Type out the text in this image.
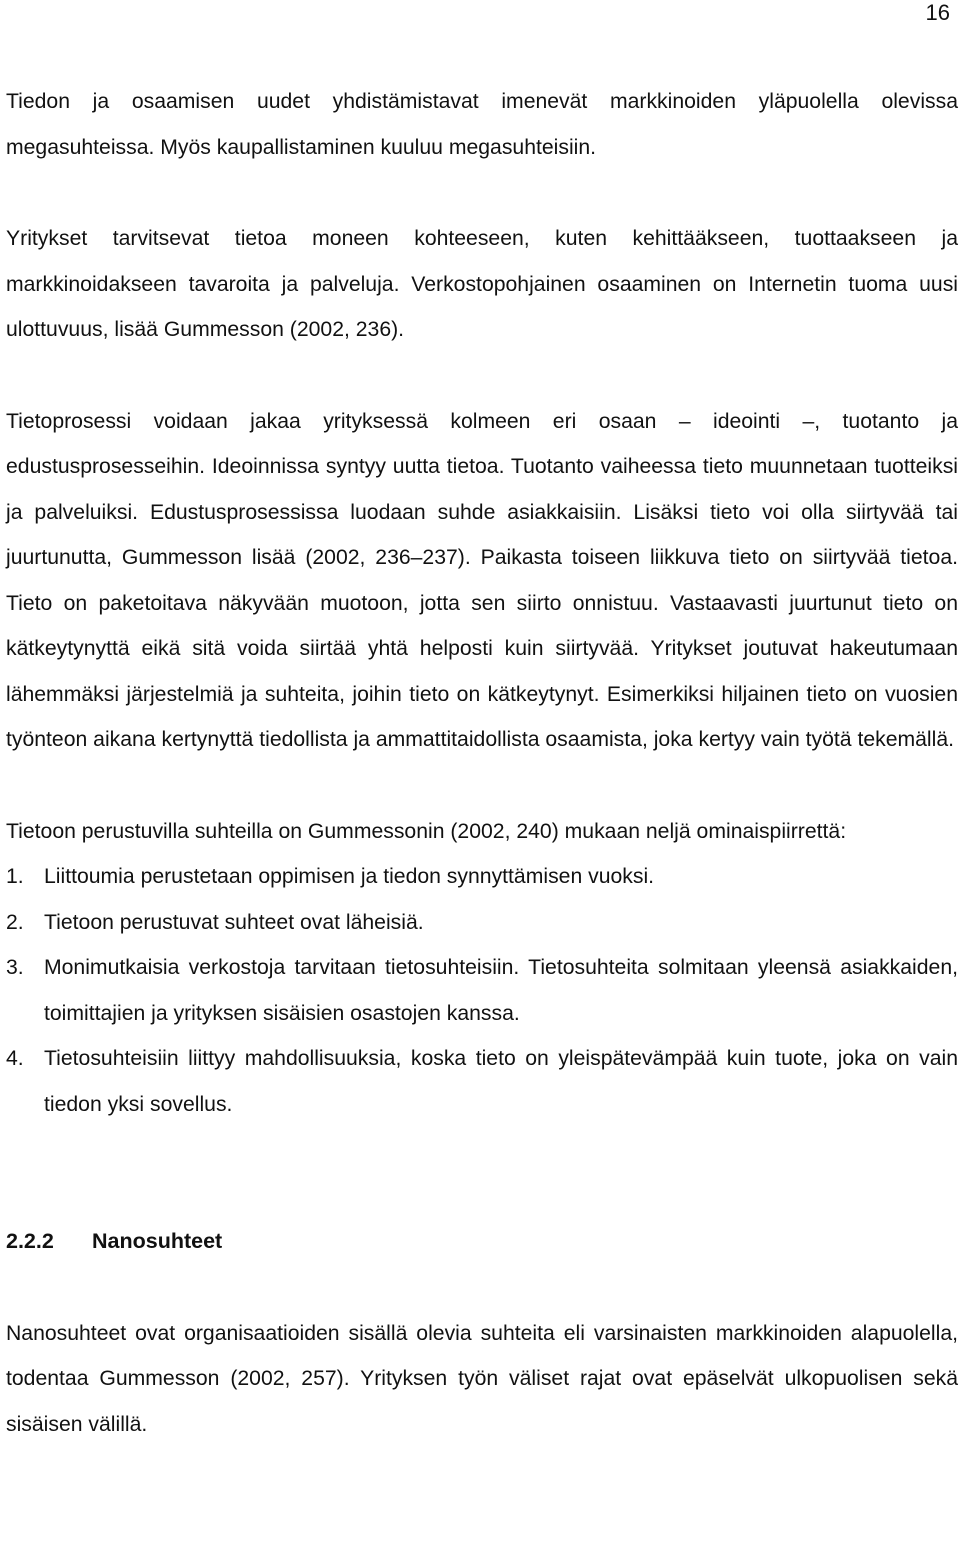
16

Tiedon ja osaamisen uudet yhdistämistavat imenevät markkinoiden yläpuolella olevissa megasuhteissa. Myös kaupallistaminen kuuluu megasuhteisiin.

Yritykset tarvitsevat tietoa moneen kohteeseen, kuten kehittääkseen, tuottaakseen ja markkinoidakseen tavaroita ja palveluja. Verkostopohjainen osaaminen on Internetin tuoma uusi ulottuvuus, lisää Gummesson (2002, 236).

Tietoprosessi voidaan jakaa yrityksessä kolmeen eri osaan – ideointi –, tuotanto ja edustusprosesseihin. Ideoinnissa syntyy uutta tietoa. Tuotanto vaiheessa tieto muunnetaan tuotteiksi ja palveluiksi. Edustusprosessissa luodaan suhde asiakkaisiin. Lisäksi tieto voi olla siirtyvää tai juurtunutta, Gummesson lisää (2002, 236–237). Paikasta toiseen liikkuva tieto on siirtyvää tietoa. Tieto on paketoitava näkyvään muotoon, jotta sen siirto onnistuu. Vastaavasti juurtunut tieto on kätkeytynyttä eikä sitä voida siirtää yhtä helposti kuin siirtyvää. Yritykset joutuvat hakeutumaan lähemmäksi järjestelmiä ja suhteita, joihin tieto on kätkeytynyt. Esimerkiksi hiljainen tieto on vuosien työnteon aikana kertynyttä tiedollista ja ammattitaidollista osaamista, joka kertyy vain työtä tekemällä.

Tietoon perustuvilla suhteilla on Gummessonin (2002, 240) mukaan neljä ominaispiirrettä:

1. Liittoumia perustetaan oppimisen ja tiedon synnyttämisen vuoksi.
2. Tietoon perustuvat suhteet ovat läheisiä.
3. Monimutkaisia verkostoja tarvitaan tietosuhteisiin. Tietosuhteita solmitaan yleensä asiakkaiden, toimittajien ja yrityksen sisäisien osastojen kanssa.
4. Tietosuhteisiin liittyy mahdollisuuksia, koska tieto on yleispätevämpää kuin tuote, joka on vain tiedon yksi sovellus.
2.2.2	Nanosuhteet

Nanosuhteet ovat organisaatioiden sisällä olevia suhteita eli varsinaisten markkinoiden alapuolella, todentaa Gummesson (2002, 257). Yrityksen työn väliset rajat ovat epäselvät ulkopuolisen sekä sisäisen välillä.
